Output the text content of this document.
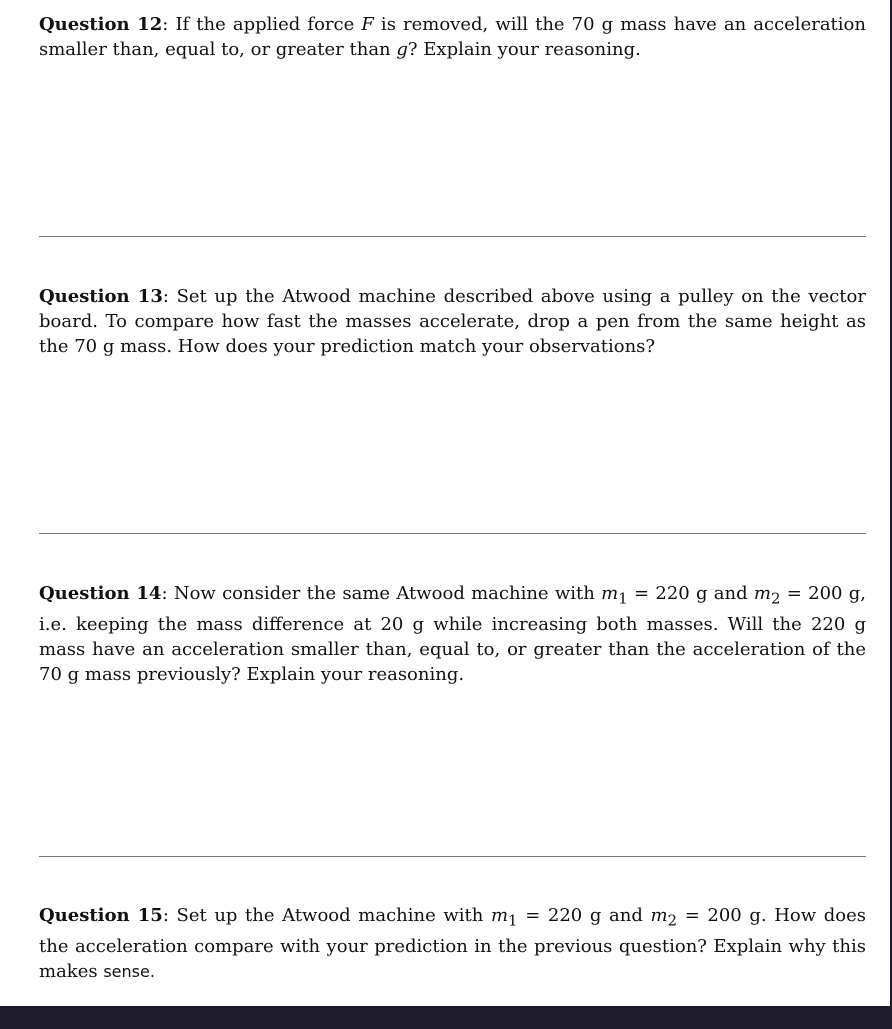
Question 12: If the applied force F is removed, will the 70 g mass have an acceleration smaller than, equal to, or greater than g? Explain your reasoning.

Question 13: Set up the Atwood machine described above using a pulley on the vector board. To compare how fast the masses accelerate, drop a pen from the same height as the 70 g mass. How does your prediction match your observations?

Question 14: Now consider the same Atwood machine with $m_1 = 220$ g and $m_2 = 200$ g, i.e. keeping the mass difference at 20 g while increasing both masses. Will the 220 g mass have an acceleration smaller than, equal to, or greater than the acceleration of the 70 g mass previously? Explain your reasoning.

Question 15: Set up the Atwood machine with $m_1 = 220$ g and $m_2 = 200$ g. How does the acceleration compare with your prediction in the previous question? Explain why this makes sense.
